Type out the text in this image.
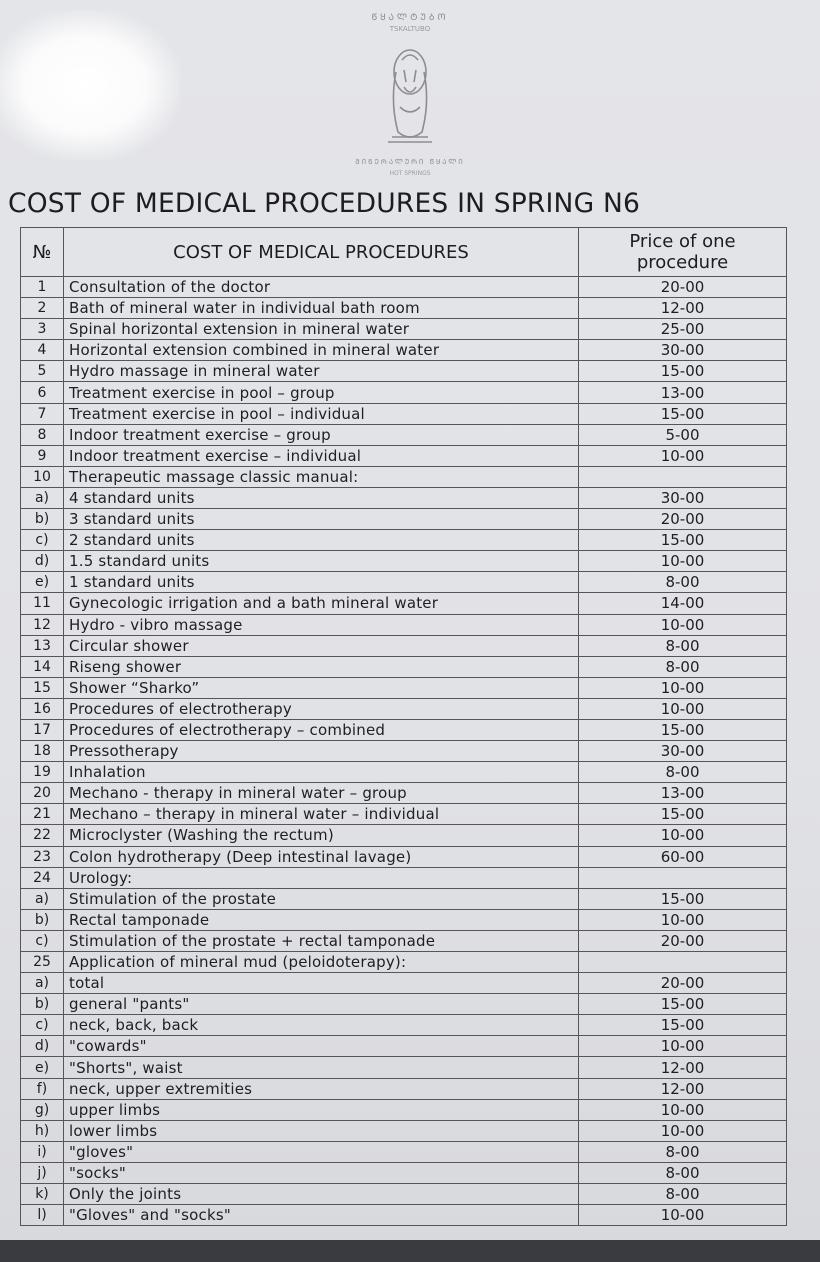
ᲬᲧᲐᲚᲢᲣᲑᲝ
TSKALTUBO
ᲛᲘᲜᲔᲠᲐᲚᲣᲠᲘ ᲬᲧᲐᲚᲘ
HOT SPRINGS
COST OF MEDICAL PROCEDURES IN SPRING N6
№	COST OF MEDICAL PROCEDURES	Price of one
procedure

1	Consultation of the doctor	20-00
2	Bath of mineral water in individual bath room	12-00
3	Spinal horizontal extension in mineral water	25-00
4	Horizontal extension combined in mineral water	30-00
5	Hydro massage in mineral water	15-00
6	Treatment exercise in pool – group	13-00
7	Treatment exercise in pool – individual	15-00
8	Indoor treatment exercise – group	5-00
9	Indoor treatment exercise – individual	10-00
10	Therapeutic massage classic manual:	
a)	4 standard units	30-00
b)	3 standard units	20-00
c)	2 standard units	15-00
d)	1.5 standard units	10-00
e)	1 standard units	8-00
11	Gynecologic irrigation and a bath mineral water	14-00
12	Hydro - vibro massage	10-00
13	Circular shower	8-00
14	Riseng shower	8-00
15	Shower “Sharko”	10-00
16	Procedures of electrotherapy	10-00
17	Procedures of electrotherapy – combined	15-00
18	Pressotherapy	30-00
19	Inhalation	8-00
20	Mechano - therapy in mineral water – group	13-00
21	Mechano – therapy in mineral water – individual	15-00
22	Microclyster (Washing the rectum)	10-00
23	Colon hydrotherapy (Deep intestinal lavage)	60-00
24	Urology:	
a)	Stimulation of the prostate	15-00
b)	Rectal tamponade	10-00
c)	Stimulation of the prostate + rectal tamponade	20-00
25	Application of mineral mud (peloidoterapy):	
a)	total	20-00
b)	general "pants"	15-00
c)	neck, back, back	15-00
d)	"cowards"	10-00
e)	"Shorts", waist	12-00
f)	neck, upper extremities	12-00
g)	upper limbs	10-00
h)	lower limbs	10-00
i)	"gloves"	8-00
j)	"socks"	8-00
k)	Only the joints	8-00
l)	"Gloves" and "socks"	10-00
